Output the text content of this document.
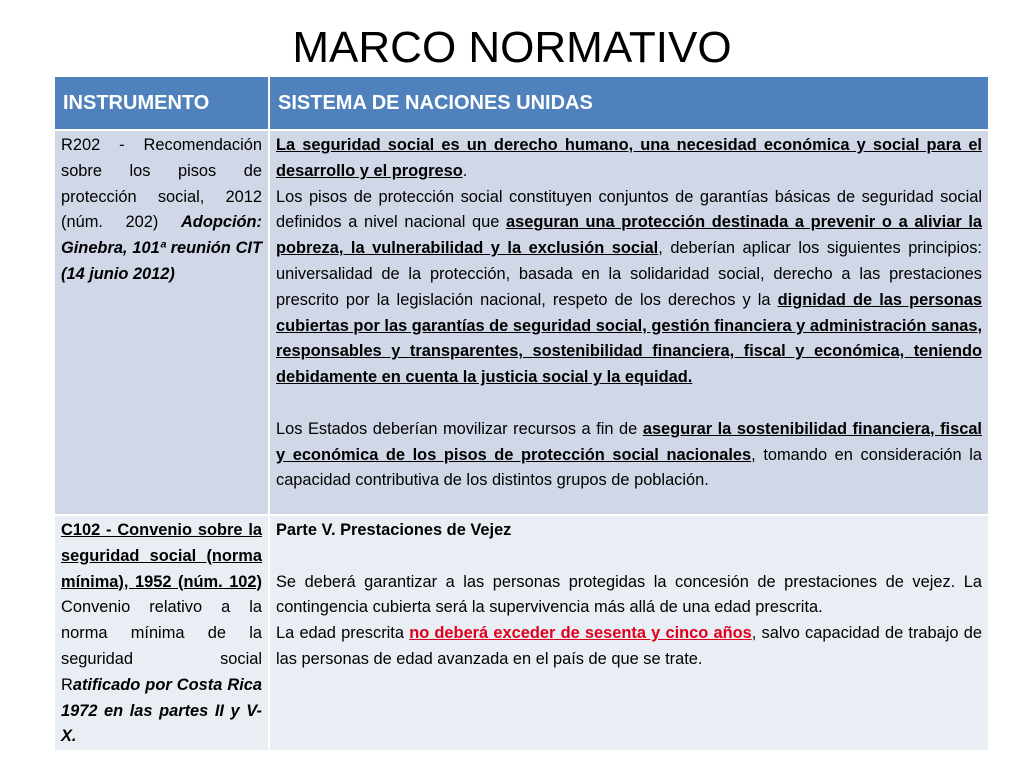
MARCO NORMATIVO
INSTRUMENTO	SISTEMA DE NACIONES UNIDAS
R202 - Recomendación sobre los pisos de protección social, 2012 (núm. 202) Adopción: Ginebra, 101ª reunión CIT (14 junio 2012)	La seguridad social es un derecho humano, una necesidad económica y social para el desarrollo y el progreso.

Los pisos de protección social constituyen conjuntos de garantías básicas de seguridad social definidos a nivel nacional que aseguran una protección destinada a prevenir o a aliviar la pobreza, la vulnerabilidad y la exclusión social, deberían aplicar los siguientes principios: universalidad de la protección, basada en la solidaridad social, derecho a las prestaciones prescrito por la legislación nacional, respeto de los derechos y la dignidad de las personas cubiertas por las garantías de seguridad social, gestión financiera y administración sanas, responsables y transparentes, sostenibilidad financiera, fiscal y económica, teniendo debidamente en cuenta la justicia social y la equidad.

Los Estados deberían movilizar recursos a fin de asegurar la sostenibilidad financiera, fiscal y económica de los pisos de protección social nacionales, tomando en consideración la capacidad contributiva de los distintos grupos de población.

C102 - Convenio sobre la seguridad social (norma mínima), 1952 (núm. 102) Convenio relativo a la norma mínima de la seguridad social Ratificado por Costa Rica 1972 en las partes II y V-X.	Parte V. Prestaciones de Vejez

Se deberá garantizar a las personas protegidas la concesión de prestaciones de vejez. La contingencia cubierta será la supervivencia más allá de una edad prescrita.

La edad prescrita no deberá exceder de sesenta y cinco años, salvo capacidad de trabajo de las personas de edad avanzada en el país de que se trate.
